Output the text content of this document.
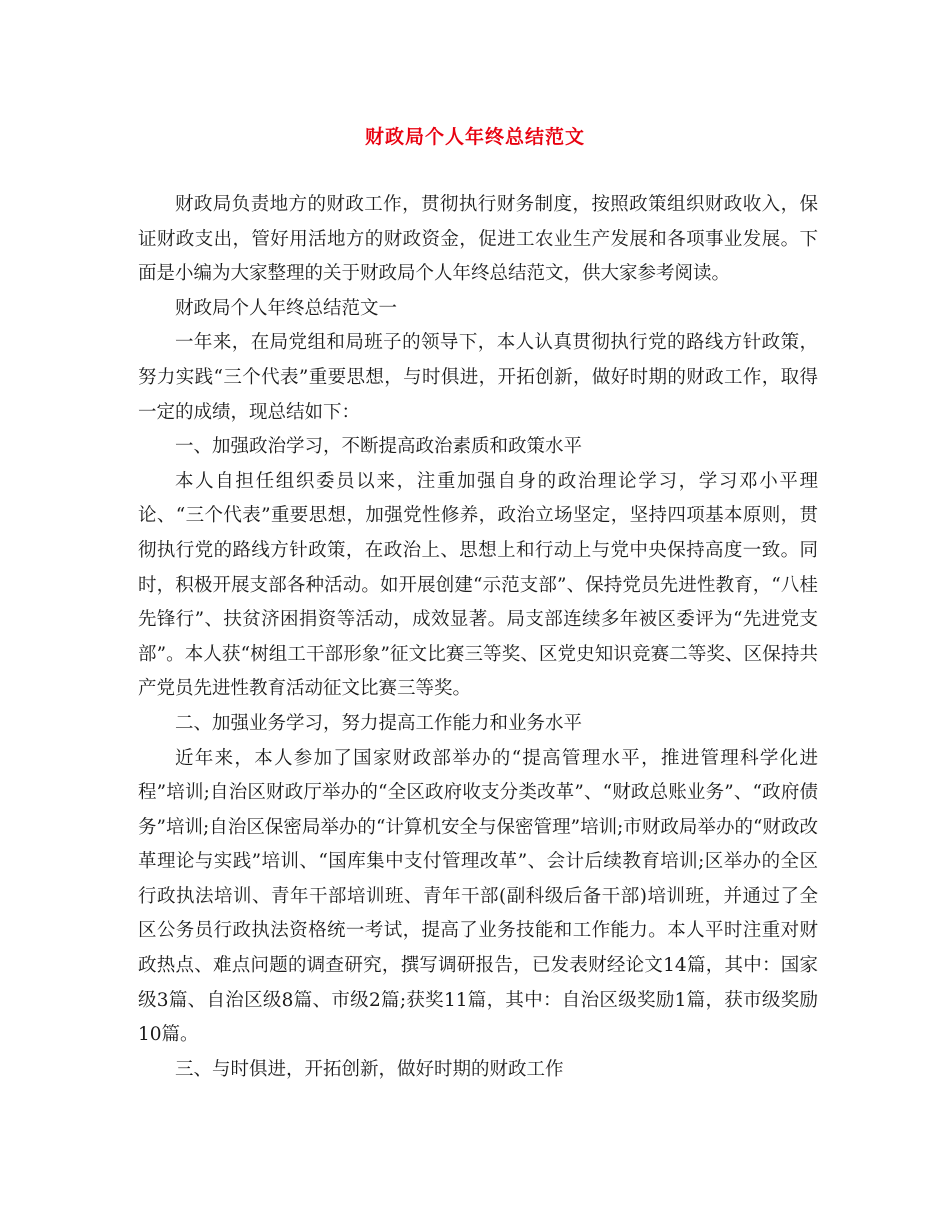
财政局个人年终总结范文

财政局负责地方的财政工作，贯彻执行财务制度，按照政策组织财政收入，保证财政支出，管好用活地方的财政资金，促进工农业生产发展和各项事业发展。下面是小编为大家整理的关于财政局个人年终总结范文，供大家参考阅读。

财政局个人年终总结范文一

一年来，在局党组和局班子的领导下，本人认真贯彻执行党的路线方针政策，努力实践“三个代表”重要思想，与时俱进，开拓创新，做好时期的财政工作，取得一定的成绩，现总结如下：

一、加强政治学习，不断提高政治素质和政策水平

本人自担任组织委员以来，注重加强自身的政治理论学习，学习邓小平理论、“三个代表”重要思想，加强党性修养，政治立场坚定，坚持四项基本原则，贯彻执行党的路线方针政策，在政治上、思想上和行动上与党中央保持高度一致。同时，积极开展支部各种活动。如开展创建“示范支部”、保持党员先进性教育，“八桂先锋行”、扶贫济困捐资等活动，成效显著。局支部连续多年被区委评为“先进党支部”。本人获“树组工干部形象”征文比赛三等奖、区党史知识竞赛二等奖、区保持共产党员先进性教育活动征文比赛三等奖。

二、加强业务学习，努力提高工作能力和业务水平

近年来，本人参加了国家财政部举办的“提高管理水平，推进管理科学化进程”培训;自治区财政厅举办的“全区政府收支分类改革”、“财政总账业务”、“政府债务”培训;自治区保密局举办的“计算机安全与保密管理”培训;市财政局举办的“财政改革理论与实践”培训、“国库集中支付管理改革”、会计后续教育培训;区举办的全区行政执法培训、青年干部培训班、青年干部(副科级后备干部)培训班，并通过了全区公务员行政执法资格统一考试，提高了业务技能和工作能力。本人平时注重对财政热点、难点问题的调查研究，撰写调研报告，已发表财经论文14篇，其中：国家级3篇、自治区级8篇、市级2篇;获奖11篇，其中：自治区级奖励1篇，获市级奖励10篇。

三、与时俱进，开拓创新，做好时期的财政工作
